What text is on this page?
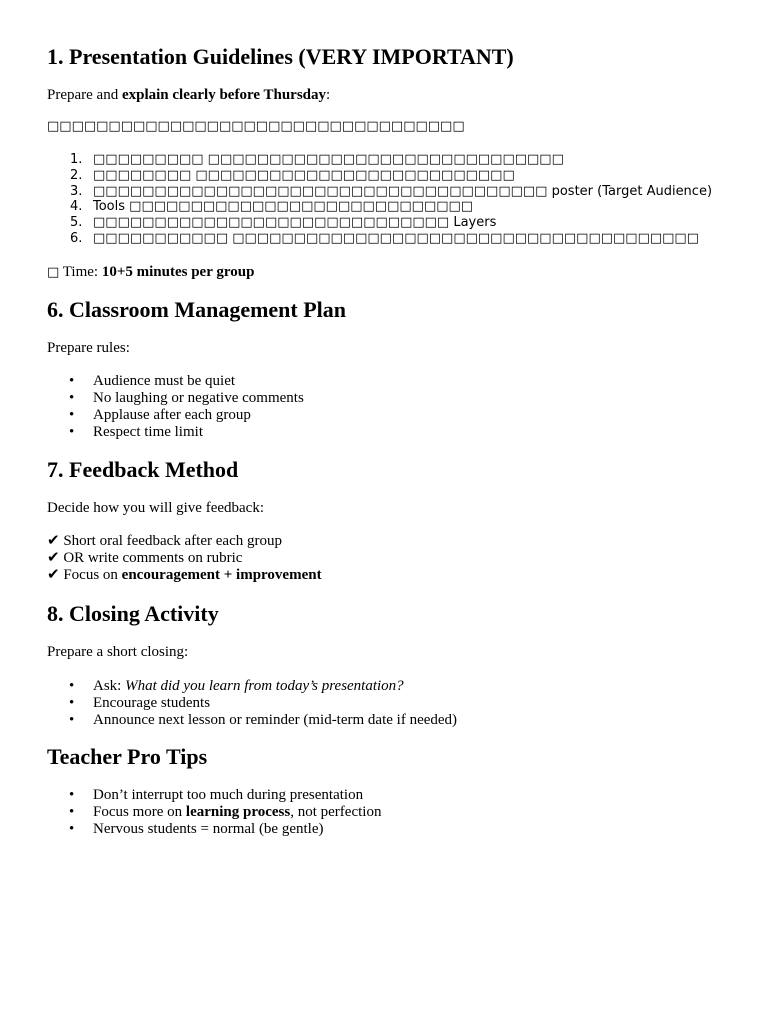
1. Presentation Guidelines (VERY IMPORTANT)

Prepare and explain clearly before Thursday:

□□□□□□□□□□□□□□□□□□□□□□□□□□□□□□□□□□

1. □□□□□□□□□ □□□□□□□□□□□□□□□□□□□□□□□□□□□□□
2. □□□□□□□□ □□□□□□□□□□□□□□□□□□□□□□□□□□
3. □□□□□□□□□□□□□□□□□□□□□□□□□□□□□□□□□□□□□ poster (Target Audience)
4. Tools □□□□□□□□□□□□□□□□□□□□□□□□□□□□
5. □□□□□□□□□□□□□□□□□□□□□□□□□□□□□ Layers
6. □□□□□□□□□□□ □□□□□□□□□□□□□□□□□□□□□□□□□□□□□□□□□□□□□□

□ Time: 10+5 minutes per group

6. Classroom Management Plan

Prepare rules:

• Audience must be quiet
• No laughing or negative comments
• Applause after each group
• Respect time limit
7. Feedback Method

Decide how you will give feedback:

✔ Short oral feedback after each group
✔ OR write comments on rubric
✔ Focus on encouragement + improvement
8. Closing Activity

Prepare a short closing:

• Ask: What did you learn from today’s presentation?
• Encourage students
• Announce next lesson or reminder (mid-term date if needed)
Teacher Pro Tips
• Don’t interrupt too much during presentation
• Focus more on learning process, not perfection
• Nervous students = normal (be gentle)
